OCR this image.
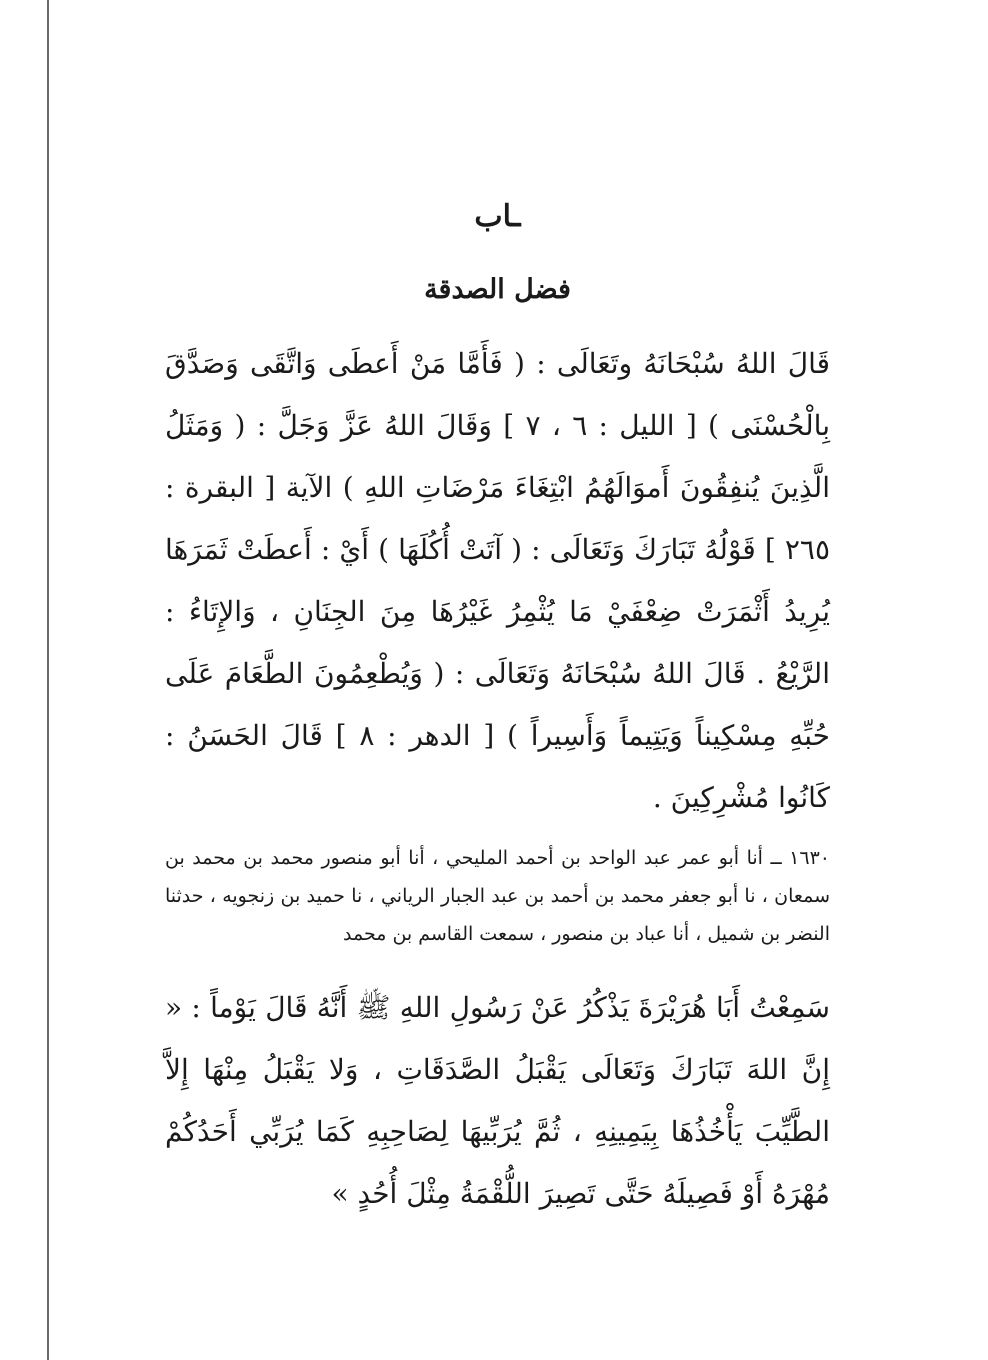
ـاب
فضل الصدقة

قَالَ اللهُ سُبْحَانَهُ وتَعَالَى : ( فَأَمَّا مَنْ أَعطَى وَاتَّقَى وَصَدَّقَ بِالْحُسْنَى ) [ الليل : ٦ ، ٧ ] وَقَالَ اللهُ عَزَّ وَجَلَّ : ( وَمَثَلُ الَّذِينَ يُنفِقُونَ أَموَالَهُمُ ابْتِغَاءَ مَرْضَاتِ اللهِ ) الآية [ البقرة : ٢٦٥ ] قَوْلُهُ تَبَارَكَ وَتَعَالَى : ( آتَتْ أُكُلَهَا ) أَيْ : أَعطَتْ ثَمَرَهَا يُرِيدُ أَثْمَرَتْ ضِعْفَيْ مَا يُثْمِرُ غَيْرُهَا مِنَ الجِنَانِ ، وَالإِتَاءُ : الرَّيْعُ . قَالَ اللهُ سُبْحَانَهُ وَتَعَالَى : ( وَيُطْعِمُونَ الطَّعَامَ عَلَى حُبِّهِ مِسْكِيناً وَيَتِيماً وَأَسِيراً ) [ الدهر : ٨ ] قَالَ الحَسَنُ : كَانُوا مُشْرِكِينَ .

١٦٣٠ ــ أنا أبو عمر عبد الواحد بن أحمد المليحي ، أنا أبو منصور محمد بن محمد بن سمعان ، نا أبو جعفر محمد بن أحمد بن عبد الجبار الرياني ، نا حميد بن زنجويه ، حدثنا النضر بن شميل ، أنا عباد بن منصور ، سمعت القاسم بن محمد

سَمِعْتُ أَبَا هُرَيْرَةَ يَذْكُرُ عَنْ رَسُولِ اللهِ ﷺ أَنَّهُ قَالَ يَوْماً : « إِنَّ اللهَ تَبَارَكَ وَتَعَالَى يَقْبَلُ الصَّدَقَاتِ ، وَلا يَقْبَلُ مِنْهَا إِلاَّ الطَّيِّبَ يَأْخُذُهَا بِيَمِينِهِ ، ثُمَّ يُرَبِّيهَا لِصَاحِبِهِ كَمَا يُرَبِّي أَحَدُكُمْ مُهْرَهُ أَوْ فَصِيلَهُ حَتَّى تَصِيرَ اللُّقْمَةُ مِثْلَ أُحُدٍ »
